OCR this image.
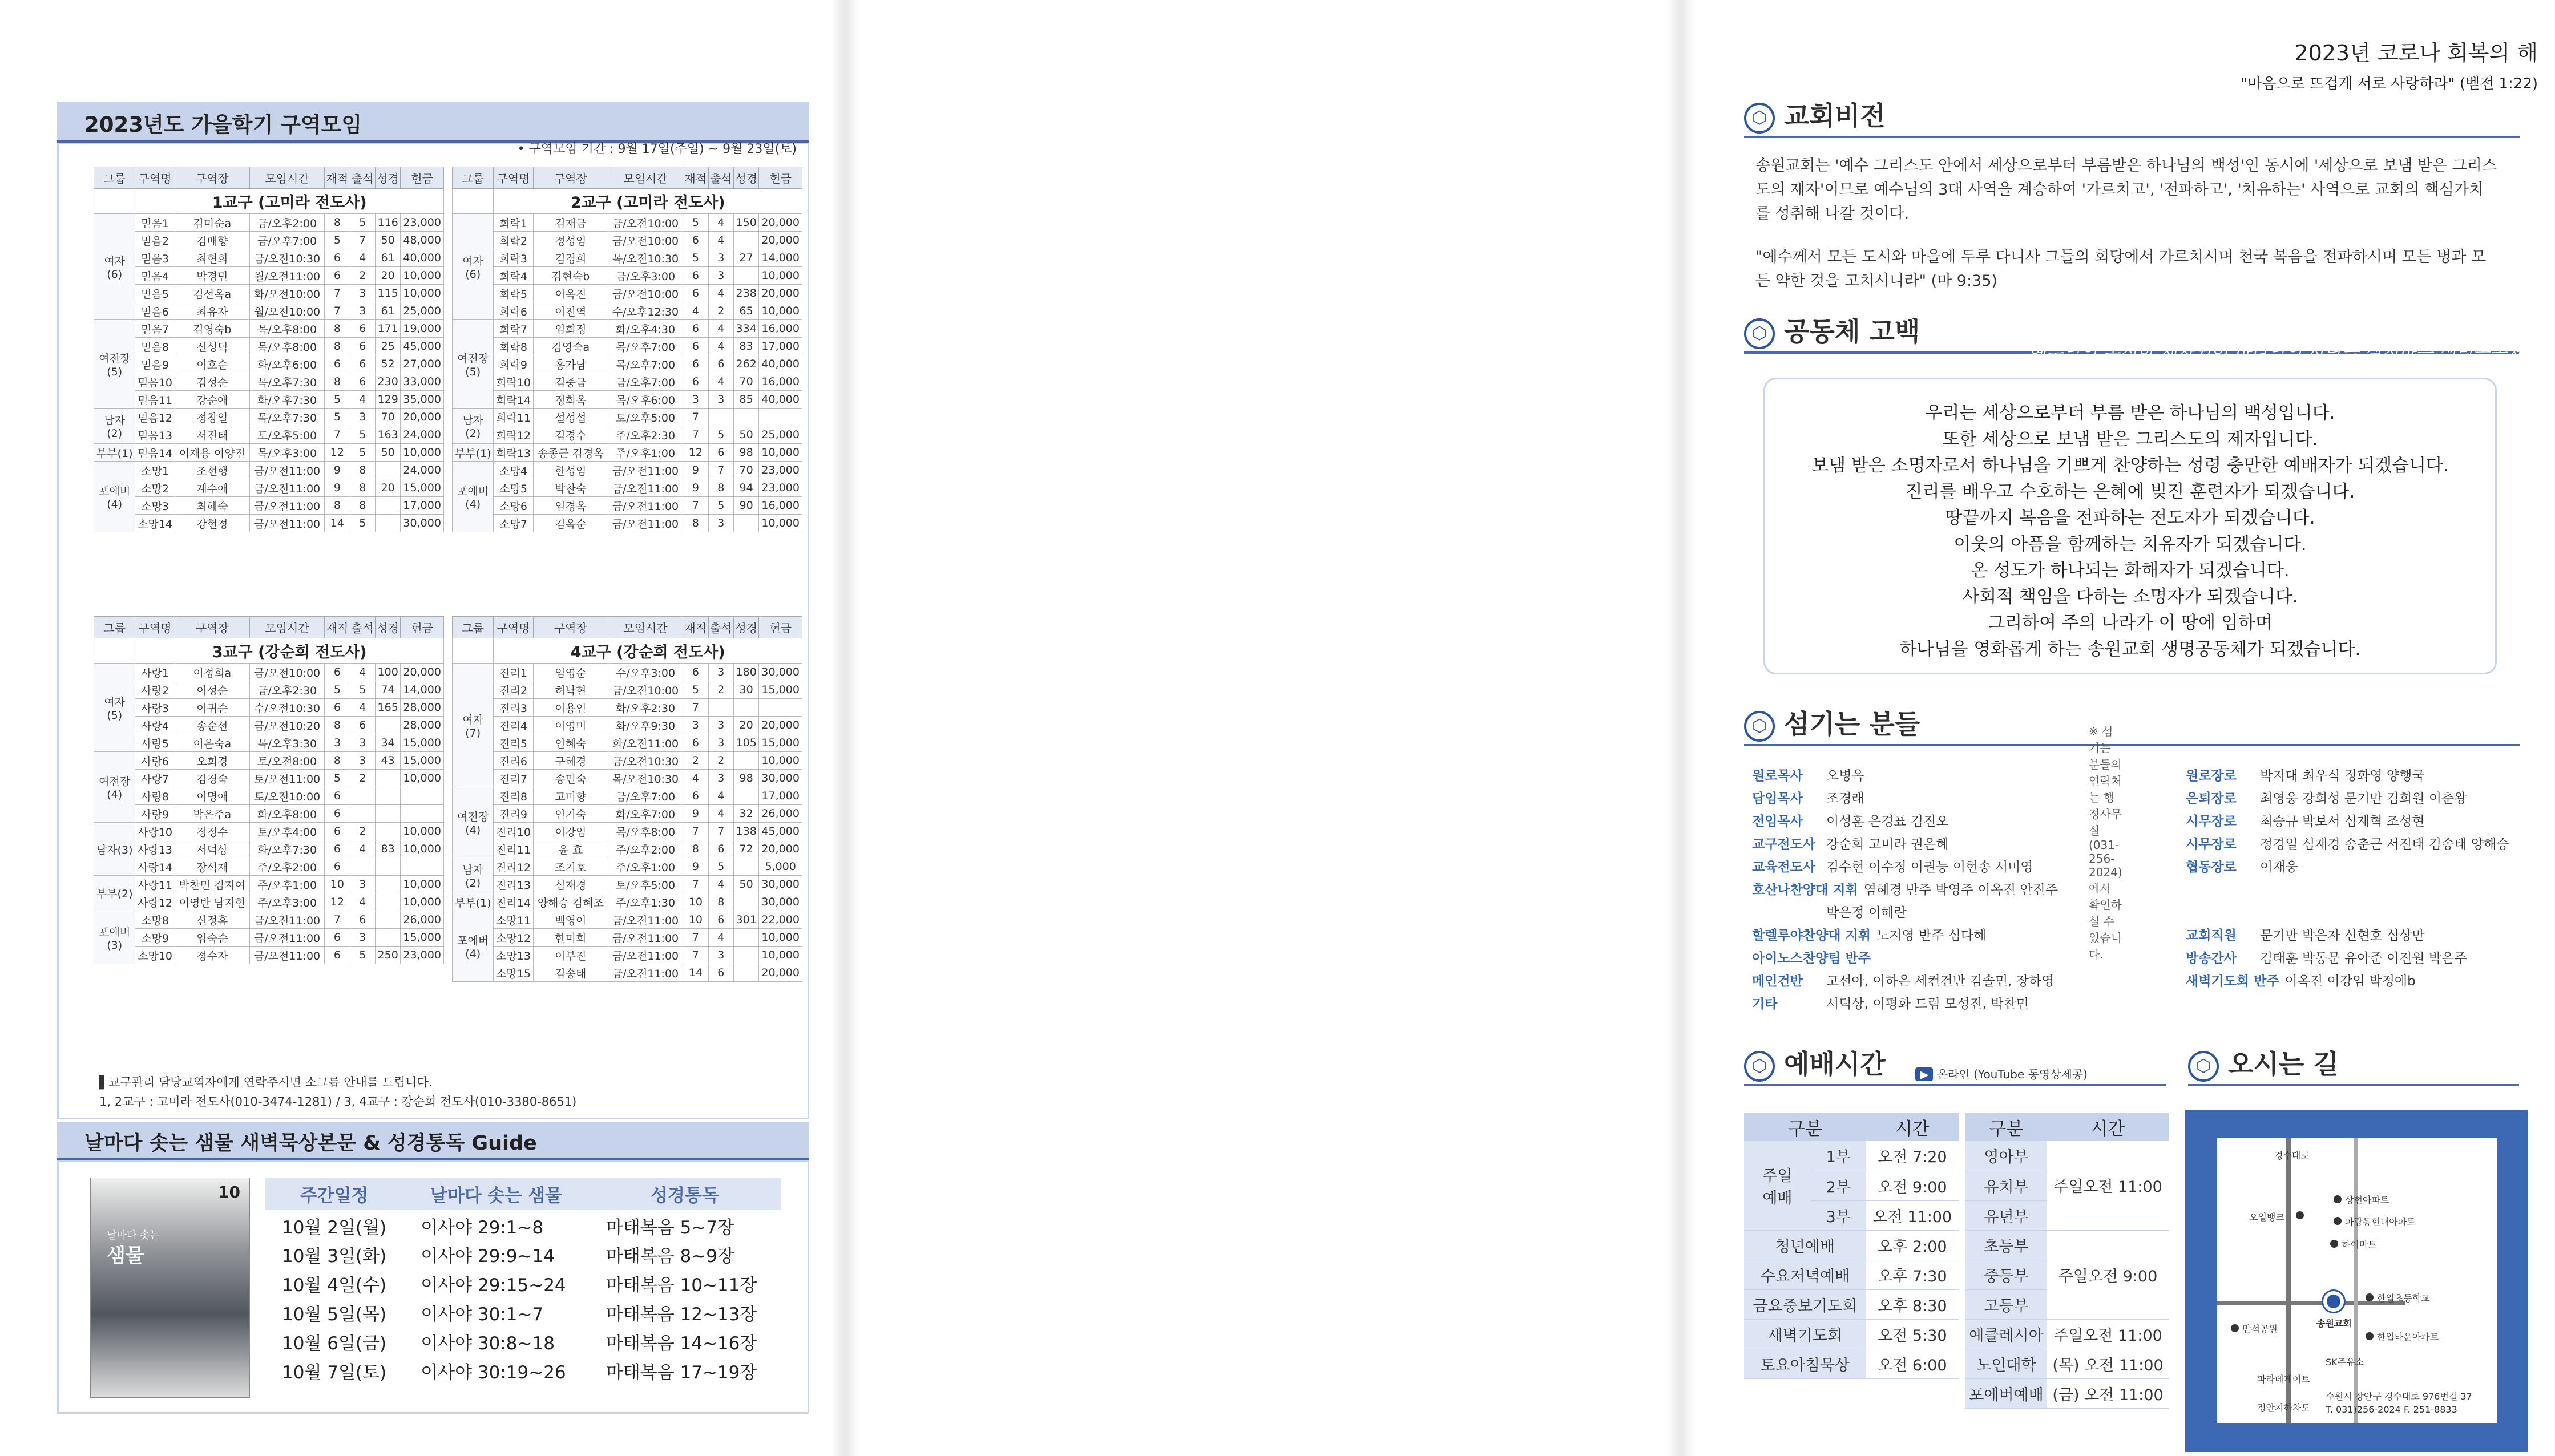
2023년도 가을학기 구역모임
• 구역모임 기간 : 9월 17일(주일) ~ 9월 23일(토)
그룹	구역명	구역장	모임시간	재적	출석	성경	헌금
	1교구 (고미라 전도사)						
여자
(6)	믿음1	김미순a	금/오후2:00	8	5	116	23,000
	믿음2	김매향	금/오후7:00	5	7	50	48,000
	믿음3	최현희	금/오전10:30	6	4	61	40,000
	믿음4	박경민	월/오전11:00	6	2	20	10,000
	믿음5	김선옥a	화/오전10:00	7	3	115	10,000
	믿음6	최유자	월/오전10:00	7	3	61	25,000
여전장
(5)	믿음7	김영숙b	목/오후8:00	8	6	171	19,000
	믿음8	신성덕	목/오후8:00	8	6	25	45,000
	믿음9	이호순	화/오후6:00	6	6	52	27,000
	믿음10	김성순	목/오후7:30	8	6	230	33,000
	믿음11	강순애	화/오후7:30	5	4	129	35,000
남자
(2)	믿음12	정창일	목/오후7:30	5	3	70	20,000
	믿음13	서진태	토/오후5:00	7	5	163	24,000
부부(1)	믿음14	이재용 이양진	목/오후3:00	12	5	50	10,000
포에버
(4)	소망1	조선행	금/오전11:00	9	8		24,000
	소망2	계수애	금/오전11:00	9	8	20	15,000
	소망3	최혜숙	금/오전11:00	8	8		17,000
	소망14	강현정	금/오전11:00	14	5		30,000
그룹	구역명	구역장	모임시간	재적	출석	성경	헌금
	2교구 (고미라 전도사)						
여자
(6)	희락1	김재금	금/오전10:00	5	4	150	20,000
	희락2	정성임	금/오전10:00	6	4		20,000
	희락3	김경희	목/오전10:30	5	3	27	14,000
	희락4	김현숙b	금/오후3:00	6	3		10,000
	희락5	이옥진	금/오전10:00	6	4	238	20,000
	희락6	이진역	수/오후12:30	4	2	65	10,000
여전장
(5)	희락7	임희정	화/오후4:30	6	4	334	16,000
	희락8	김영숙a	목/오후7:00	6	4	83	17,000
	희락9	홍가남	목/오후7:00	6	6	262	40,000
	희락10	김중금	금/오후7:00	6	4	70	16,000
	희락14	정희옥	목/오후6:00	3	3	85	40,000
남자
(2)	희락11	설성섭	토/오후5:00	7			
	희락12	김경수	주/오후2:30	7	5	50	25,000
부부(1)	희락13	송종근 김경옥	주/오후1:00	12	6	98	10,000
포에버
(4)	소망4	한성임	금/오전11:00	9	7	70	23,000
	소망5	박찬숙	금/오전11:00	9	8	94	23,000
	소망6	임경옥	금/오전11:00	7	5	90	16,000
	소망7	김옥순	금/오전11:00	8	3		10,000
그룹	구역명	구역장	모임시간	재적	출석	성경	헌금
	3교구 (강순희 전도사)						
여자
(5)	사랑1	이정희a	금/오전10:00	6	4	100	20,000
	사랑2	이성순	금/오후2:30	5	5	74	14,000
	사랑3	이귀순	수/오전10:30	6	4	165	28,000
	사랑4	송순선	금/오전10:20	8	6		28,000
	사랑5	이은숙a	목/오후3:30	3	3	34	15,000
여전장
(4)	사랑6	오희경	토/오전8:00	8	3	43	15,000
	사랑7	김경숙	토/오전11:00	5	2		10,000
	사랑8	이명애	토/오전10:00	6			
	사랑9	박은주a	화/오후8:00	6			
남자(3)	사랑10	정정수	토/오후4:00	6	2		10,000
	사랑13	서덕상	화/오후7:30	6	4	83	10,000
	사랑14	장석재	주/오후2:00	6			
부부(2)	사랑11	박찬민 김지여	주/오후1:00	10	3		10,000
	사랑12	이영반 남지현	주/오후3:00	12	4		10,000
포에버
(3)	소망8	신정휴	금/오전11:00	7	6		26,000
	소망9	임숙순	금/오전11:00	6	3		15,000
	소망10	정수자	금/오전11:00	6	5	250	23,000

그룹	구역명	구역장	모임시간	재적	출석	성경	헌금
	4교구 (강순희 전도사)						
여자
(7)	진리1	임영순	수/오후3:00	6	3	180	30,000
	진리2	허낙현	금/오전10:00	5	2	30	15,000
	진리3	이용인	화/오후2:30	7			
	진리4	이영미	화/오후9:30	3	3	20	20,000
	진리5	인혜숙	화/오전11:00	6	3	105	15,000
	진리6	구혜경	금/오전10:30	2	2		10,000
	진리7	송민숙	목/오전10:30	4	3	98	30,000
여전장
(4)	진리8	고미향	금/오후7:00	6	4		17,000
	진리9	인기숙	화/오후7:00	9	4	32	26,000
	진리10	이강임	목/오후8:00	7	7	138	45,000
	진리11	윤 효	주/오후2:00	8	6	72	20,000
남자
(2)	진리12	조기호	주/오후1:00	9	5		5,000
	진리13	심재경	토/오후5:00	7	4	50	30,000
부부(1)	진리14	양해승 김혜조	주/오후1:30	10	8		30,000
포에버
(4)	소망11	백영이	금/오전11:00	10	6	301	22,000
	소망12	한미희	금/오전11:00	7	4		10,000
	소망13	이부진	금/오전11:00	7	3		10,000
	소망15	김송태	금/오전11:00	14	6		20,000
▌교구관리 담당교역자에게 연락주시면 소그룹 안내를 드립니다.
1, 2교구 : 고미라 전도사(010-3474-1281) / 3, 4교구 : 강순희 전도사(010-3380-8651)
날마다 솟는 샘물 새벽묵상본문 & 성경통독 Guide
10
날마다 솟는
샘물
주간일정	날마다 솟는 샘물	성경통독
10월 2일(월)	이사야 29:1~8	마태복음 5~7장
10월 3일(화)	이사야 29:9~14	마태복음 8~9장
10월 4일(수)	이사야 29:15~24	마태복음 10~11장
10월 5일(목)	이사야 30:1~7	마태복음 12~13장
10월 6일(금)	이사야 30:8~18	마태복음 14~16장
10월 7일(토)	이사야 30:19~26	마태복음 17~19장
⬡ 교회비전
송원교회는 '예수 그리스도 안에서 세상으로부터 부름받은 하나님의 백성'인 동시에 '세상으로 보냄 받은 그리스도의 제자'이므로 예수님의 3대 사역을 계승하여 '가르치고', '전파하고', '치유하는' 사역으로 교회의 핵심가치를 성취해 나갈 것이다.
"예수께서 모든 도시와 마을에 두루 다니사 그들의 회당에서 가르치시며 천국 복음을 전파하시며 모든 병과 모든 약한 것을 고치시니라" (마 9:35)
⬡ 공동체 고백
우리는 세상으로부터 부름 받은 하나님의 백성입니다.
또한 세상으로 보냄 받은 그리스도의 제자입니다.
보냄 받은 소명자로서 하나님을 기쁘게 찬양하는 성령 충만한 예배자가 되겠습니다.
진리를 배우고 수호하는 은혜에 빚진 훈련자가 되겠습니다.
땅끝까지 복음을 전파하는 전도자가 되겠습니다.
이웃의 아픔을 함께하는 치유자가 되겠습니다.
온 성도가 하나되는 화해자가 되겠습니다.
사회적 책임을 다하는 소명자가 되겠습니다.
그리하여 주의 나라가 이 땅에 임하며
하나님을 영화롭게 하는 송원교회 생명공동체가 되겠습니다.
⬡ 섬기는 분들	※ 섬기는 분들의 연락처는 행정사무실(031-256-2024)에서 확인하실 수 있습니다.
원로목사 오병옥
담임목사 조경래
전임목사 이성훈 은경표 김진오
교구전도사 강순희 고미라 권은혜
교육전도사 김수현 이수정 이권능 이현송 서미영
호산나찬양대 지휘 염혜경 반주 박영주 이옥진 안진주
박은정 이혜란
할렐루야찬양대 지휘 노지영 반주 심다혜
아이노스찬양팀 반주
메인건반 고선아, 이하은 세컨건반 김솔민, 장하영
기타	서덕상, 이평화 드럼 모성진, 박찬민
원로장로 박지대 최우식 정화영 양행국
은퇴장로 최영웅 강희성 문기만 김희원 이춘왕
시무장로 최승규 박보서 심재혁 조성현
시무장로 정경일 심재경 송춘근 서진태 김송태 양해승
협동장로 이재웅
교회직원 문기만 박은자 신현호 심상만
방송간사 김태훈 박동문 유아준 이진원 박은주
새벽기도회 반주 이옥진 이강임 박정애b
⬡ 예배시간	▶ 온라인 (YouTube 동영상제공)
구분		시간
주일
예배	1부	오전 7:20
	2부	오전 9:00
	3부	오전 11:00
청년예배		오후 2:00
수요저녁예배		오후 7:30
금요중보기도회		오후 8:30
새벽기도회		오전 5:30
토요아침묵상		오전 6:00
구분	시간
영아부	주일오전 11:00
유치부	
유년부	
초등부	주일오전 9:00
중등부	
고등부	
예클레시아	주일오전 11:00
노인대학	(목) 오전 11:00
포에버예배	(금) 오전 11:00
⬡ 오시는 길
경수대로
상현아파트
오일뱅크	파랑동현대아파트
하이마트
한일초등학교
만석공원
송원교회
한일타운아파트
SK주유소
파라데게이트
정안지하차도
수원시 장안구 경수대로 976번길 37
T. 031)256-2024 F. 251-8833
2023년 코로나 회복의 해
"마음으로 뜨겁게 서로 사랑하라" (벧전 1:22)
"예수님의 온전한 제자되어 하나님의 사랑을 실천하는 생명공동체"
